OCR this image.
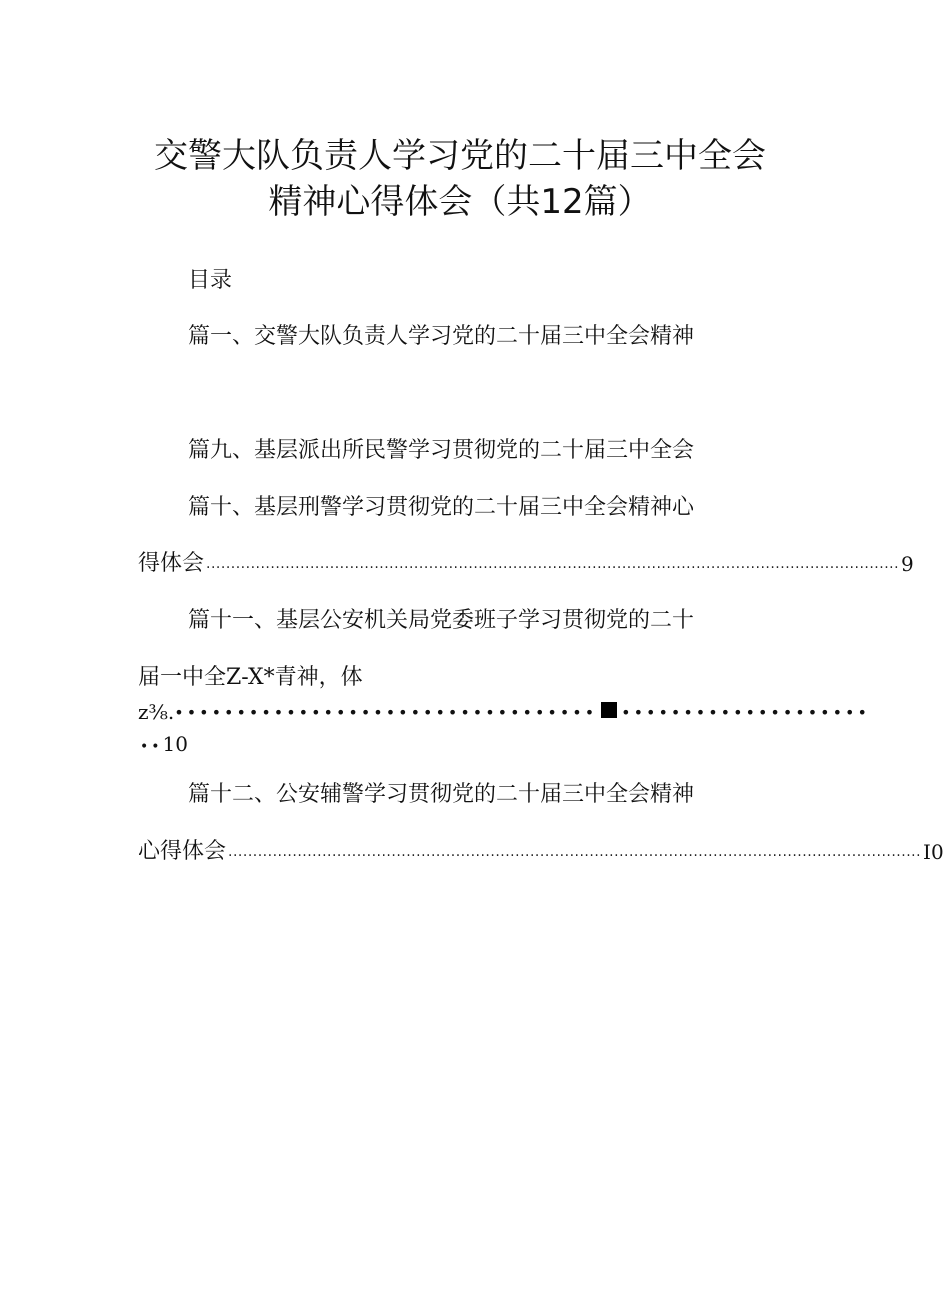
交警大队负责人学习党的二十届三中全会
精神心得体会（共12篇）
目录
篇一、交警大队负责人学习党的二十届三中全会精神
篇九、基层派出所民警学习贯彻党的二十届三中全会
篇十、基层刑警学习贯彻党的二十届三中全会精神心
得体会 ............................................................................................................................................ 9
篇十一、基层公安机关局党委班子学习贯彻党的二十
届一中全Z-X*青神，体
z⅜. •••••••••••••••••••••••••••••••••• ••••••••••••••••••••
••10
篇十二、公安辅警学习贯彻党的二十届三中全会精神
心得体会 ............................................................................................................................................ I0
